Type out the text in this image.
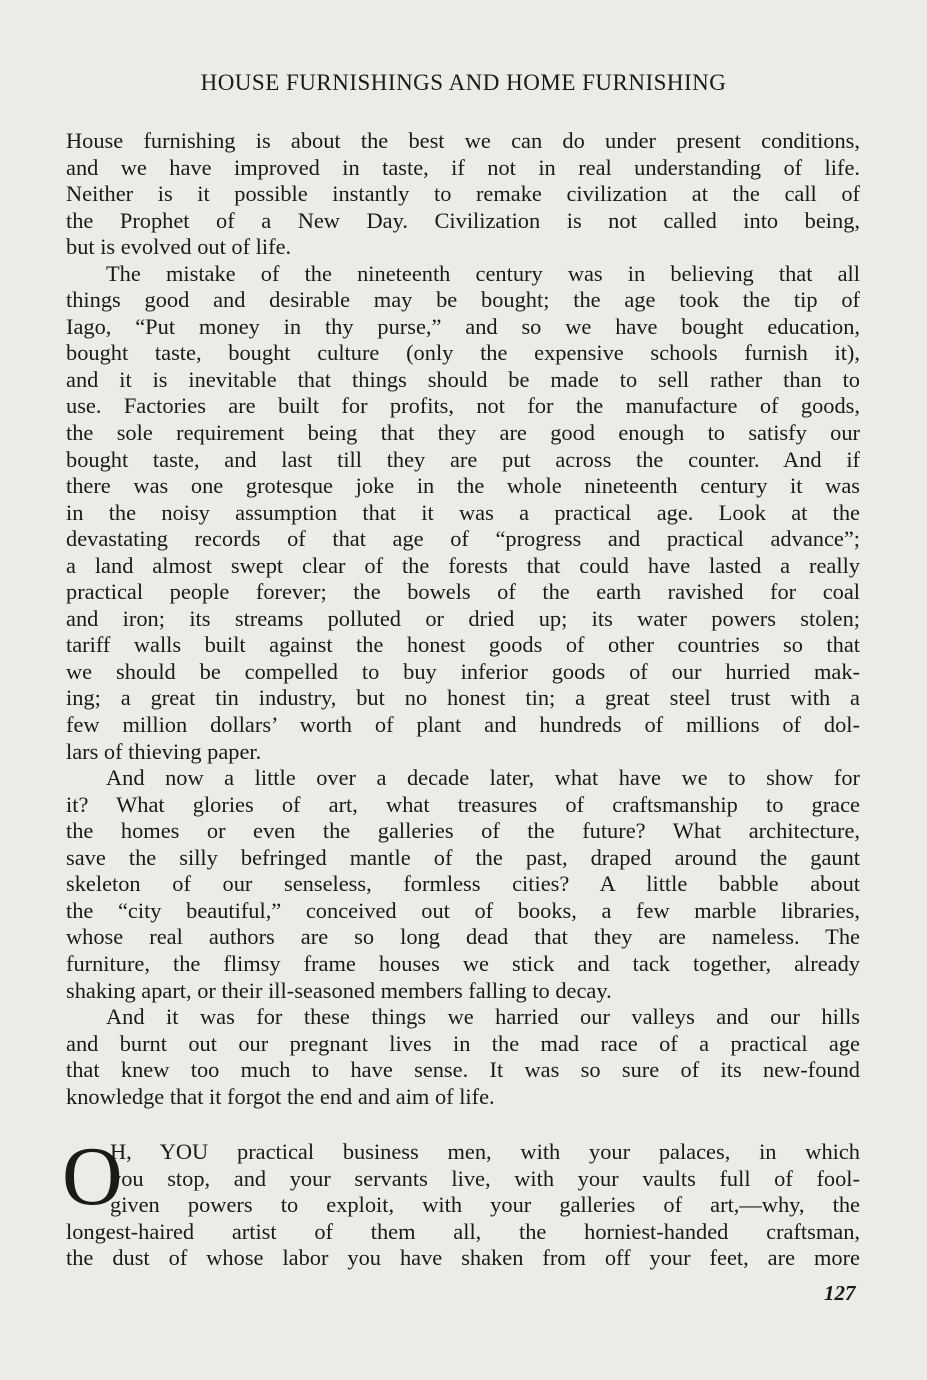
HOUSE FURNISHINGS AND HOME FURNISHING
House furnishing is about the best we can do under present conditions,
and we have improved in taste, if not in real understanding of life.
Neither is it possible instantly to remake civilization at the call of
the Prophet of a New Day. Civilization is not called into being,
but is evolved out of life.
The mistake of the nineteenth century was in believing that all
things good and desirable may be bought; the age took the tip of
Iago, “Put money in thy purse,” and so we have bought education,
bought taste, bought culture (only the expensive schools furnish it),
and it is inevitable that things should be made to sell rather than to
use. Factories are built for profits, not for the manufacture of goods,
the sole requirement being that they are good enough to satisfy our
bought taste, and last till they are put across the counter. And if
there was one grotesque joke in the whole nineteenth century it was
in the noisy assumption that it was a practical age. Look at the
devastating records of that age of “progress and practical advance”;
a land almost swept clear of the forests that could have lasted a really
practical people forever; the bowels of the earth ravished for coal
and iron; its streams polluted or dried up; its water powers stolen;
tariff walls built against the honest goods of other countries so that
we should be compelled to buy inferior goods of our hurried mak-
ing; a great tin industry, but no honest tin; a great steel trust with a
few million dollars’ worth of plant and hundreds of millions of dol-
lars of thieving paper.
And now a little over a decade later, what have we to show for
it? What glories of art, what treasures of craftsmanship to grace
the homes or even the galleries of the future? What architecture,
save the silly befringed mantle of the past, draped around the gaunt
skeleton of our senseless, formless cities? A little babble about
the “city beautiful,” conceived out of books, a few marble libraries,
whose real authors are so long dead that they are nameless. The
furniture, the flimsy frame houses we stick and tack together, already
shaking apart, or their ill-seasoned members falling to decay.
And it was for these things we harried our valleys and our hills
and burnt out our pregnant lives in the mad race of a practical age
that knew too much to have sense. It was so sure of its new-found
knowledge that it forgot the end and aim of life.
O
H, YOU practical business men, with your palaces, in which
you stop, and your servants live, with your vaults full of fool-
given powers to exploit, with your galleries of art,—why, the
longest-haired artist of them all, the horniest-handed craftsman,
the dust of whose labor you have shaken from off your feet, are more
127
